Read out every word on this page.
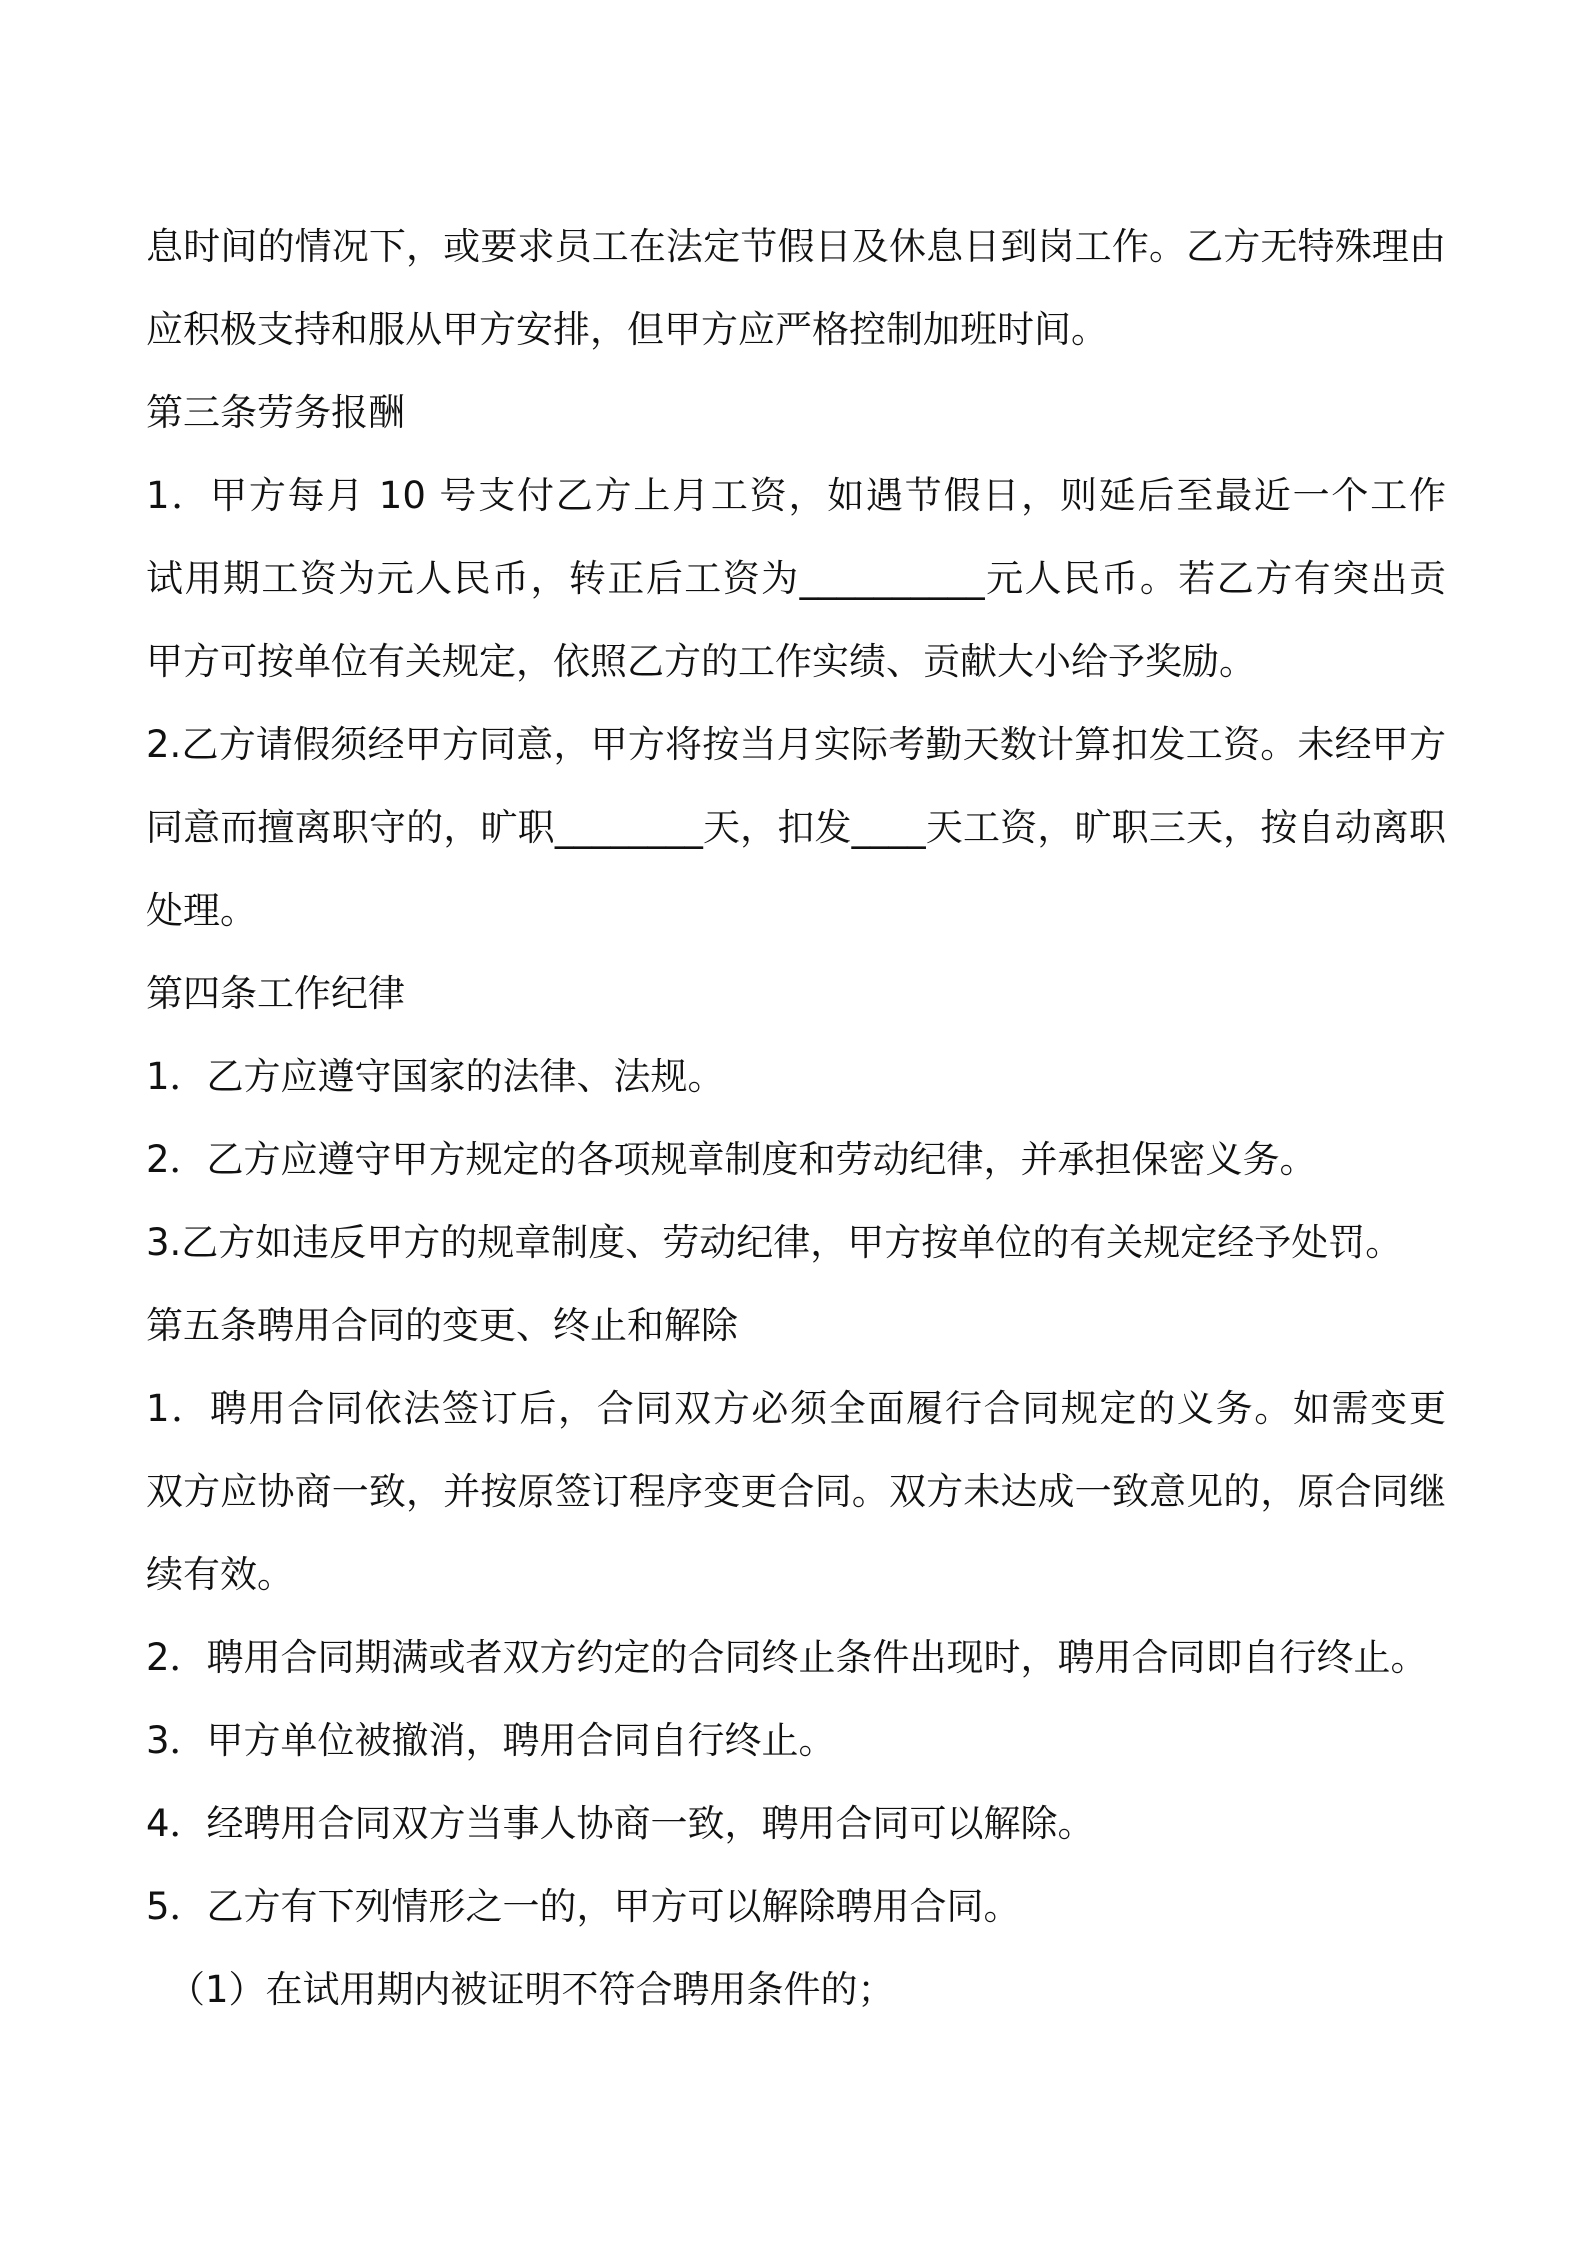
息时间的情况下，或要求员工在法定节假日及休息日到岗工作。乙方无特殊理由
应积极支持和服从甲方安排，但甲方应严格控制加班时间。
第三条劳务报酬
1．甲方每月 10 号支付乙方上月工资，如遇节假日，则延后至最近一个工作
试用期工资为元人民币，转正后工资为__________元人民币。若乙方有突出贡
甲方可按单位有关规定，依照乙方的工作实绩、贡献大小给予奖励。
2.乙方请假须经甲方同意，甲方将按当月实际考勤天数计算扣发工资。未经甲方
同意而擅离职守的，旷职________天，扣发____天工资，旷职三天，按自动离职
处理。
第四条工作纪律
1．乙方应遵守国家的法律、法规。
2．乙方应遵守甲方规定的各项规章制度和劳动纪律，并承担保密义务。
3.乙方如违反甲方的规章制度、劳动纪律，甲方按单位的有关规定经予处罚。
第五条聘用合同的变更、终止和解除
1．聘用合同依法签订后，合同双方必须全面履行合同规定的义务。如需变更
双方应协商一致，并按原签订程序变更合同。双方未达成一致意见的，原合同继
续有效。
2．聘用合同期满或者双方约定的合同终止条件出现时，聘用合同即自行终止。
3．甲方单位被撤消，聘用合同自行终止。
4．经聘用合同双方当事人协商一致，聘用合同可以解除。
5．乙方有下列情形之一的，甲方可以解除聘用合同。
（1）在试用期内被证明不符合聘用条件的；
